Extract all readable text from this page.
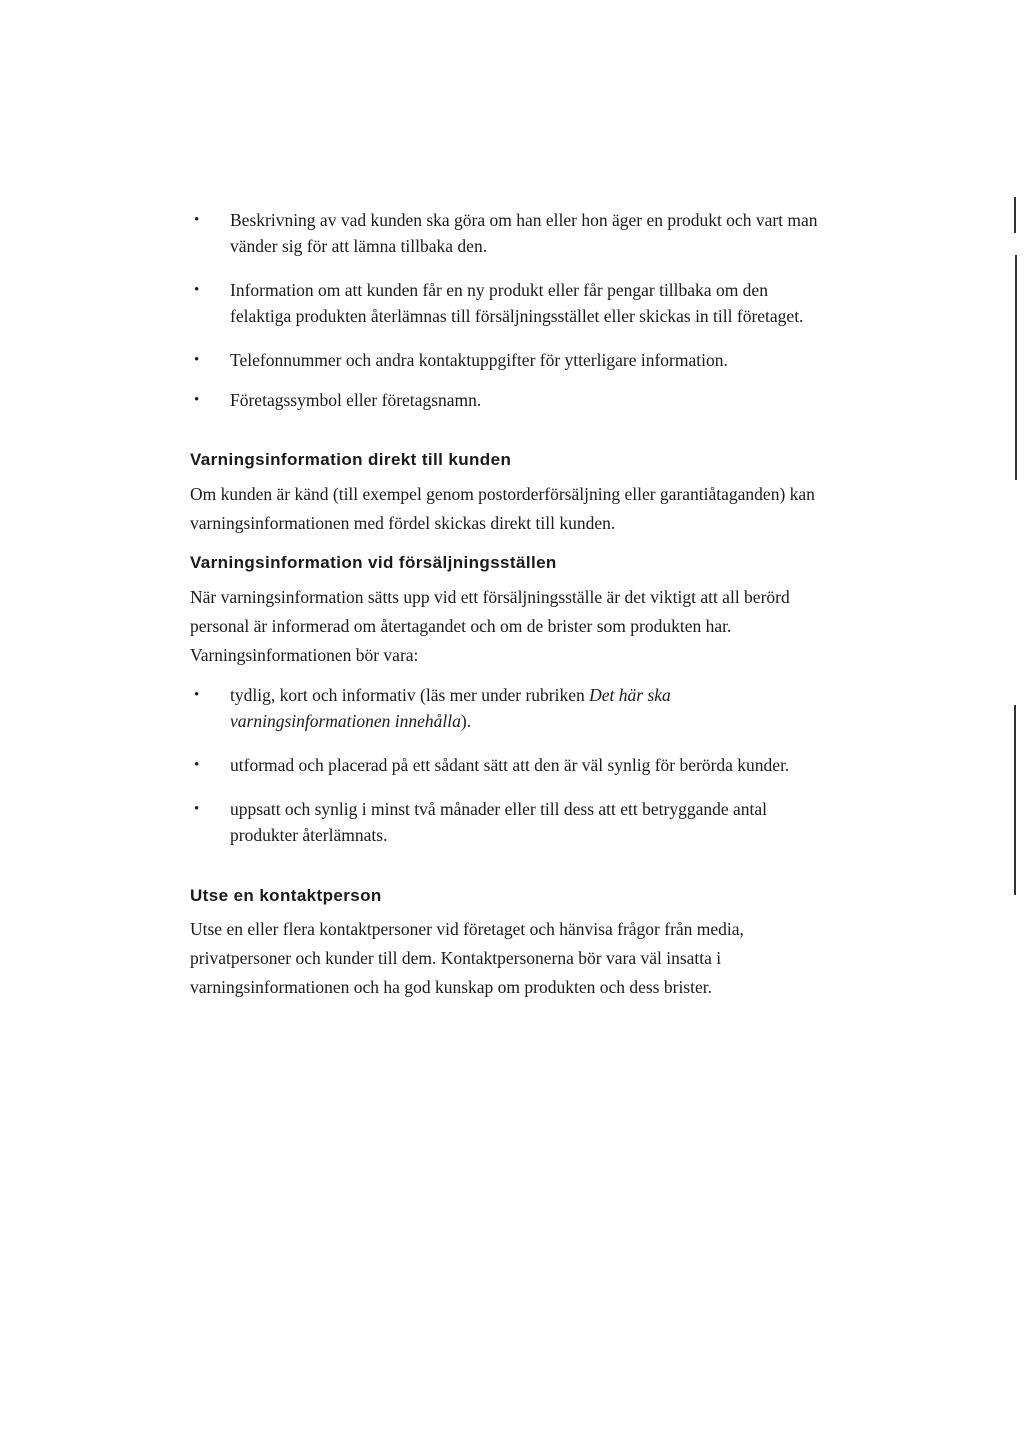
• Beskrivning av vad kunden ska göra om han eller hon äger en produkt och vart man vänder sig för att lämna tillbaka den.
• Information om att kunden får en ny produkt eller får pengar tillbaka om den felaktiga produkten återlämnas till försäljningsstället eller skickas in till företaget.
• Telefonnummer och andra kontaktuppgifter för ytterligare information.
• Företagssymbol eller företagsnamn.
Varningsinformation direkt till kunden

Om kunden är känd (till exempel genom postorderförsäljning eller garantiåtaganden) kan varningsinformationen med fördel skickas direkt till kunden.

Varningsinformation vid försäljningsställen

När varningsinformation sätts upp vid ett försäljningsställe är det viktigt att all berörd personal är informerad om återtagandet och om de brister som produkten har. Varningsinformationen bör vara:

• tydlig, kort och informativ (läs mer under rubriken Det här ska varningsinformationen innehålla).
• utformad och placerad på ett sådant sätt att den är väl synlig för berörda kunder.
• uppsatt och synlig i minst två månader eller till dess att ett betryggande antal produkter återlämnats.
Utse en kontaktperson

Utse en eller flera kontaktpersoner vid företaget och hänvisa frågor från media, privatpersoner och kunder till dem. Kontaktpersonerna bör vara väl insatta i varningsinformationen och ha god kunskap om produkten och dess brister.
